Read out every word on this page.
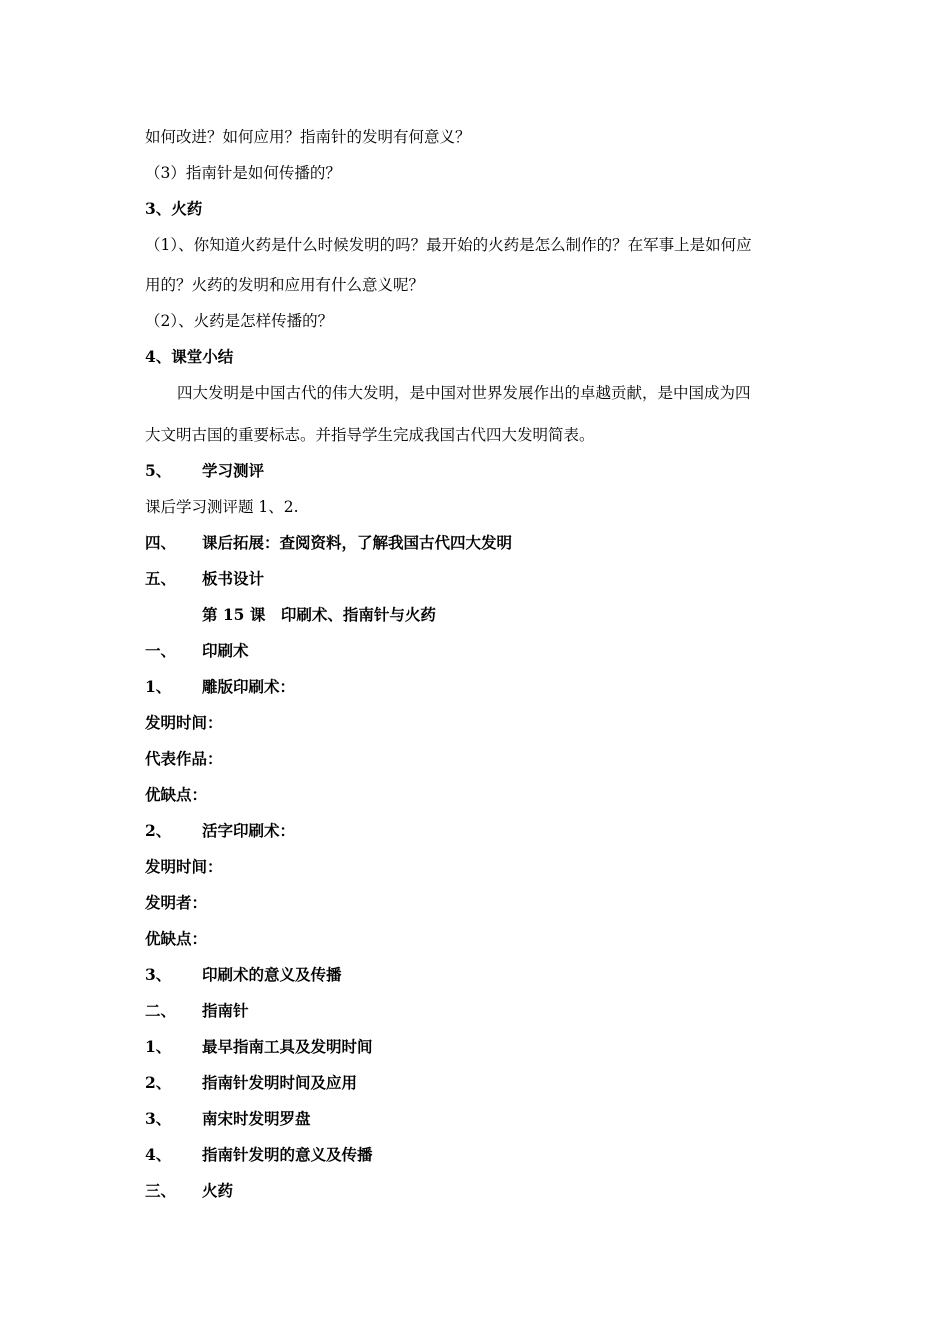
如何改进？如何应用？指南针的发明有何意义？
（3）指南针是如何传播的？
3、火药
（1）、你知道火药是什么时候发明的吗？最开始的火药是怎么制作的？在军事上是如何应
用的？火药的发明和应用有什么意义呢？
（2）、火药是怎样传播的？
4、课堂小结
四大发明是中国古代的伟大发明，是中国对世界发展作出的卓越贡献，是中国成为四
大文明古国的重要标志。并指导学生完成我国古代四大发明简表。
5、 学习测评
课后学习测评题 1、2.
四、 课后拓展：查阅资料，了解我国古代四大发明
五、 板书设计
第 15 课　印刷术、指南针与火药
一、 印刷术
1、 雕版印刷术：
发明时间：
代表作品：
优缺点：
2、 活字印刷术：
发明时间：
发明者：
优缺点：
3、 印刷术的意义及传播
二、 指南针
1、 最早指南工具及发明时间
2、 指南针发明时间及应用
3、 南宋时发明罗盘
4、 指南针发明的意义及传播
三、 火药
